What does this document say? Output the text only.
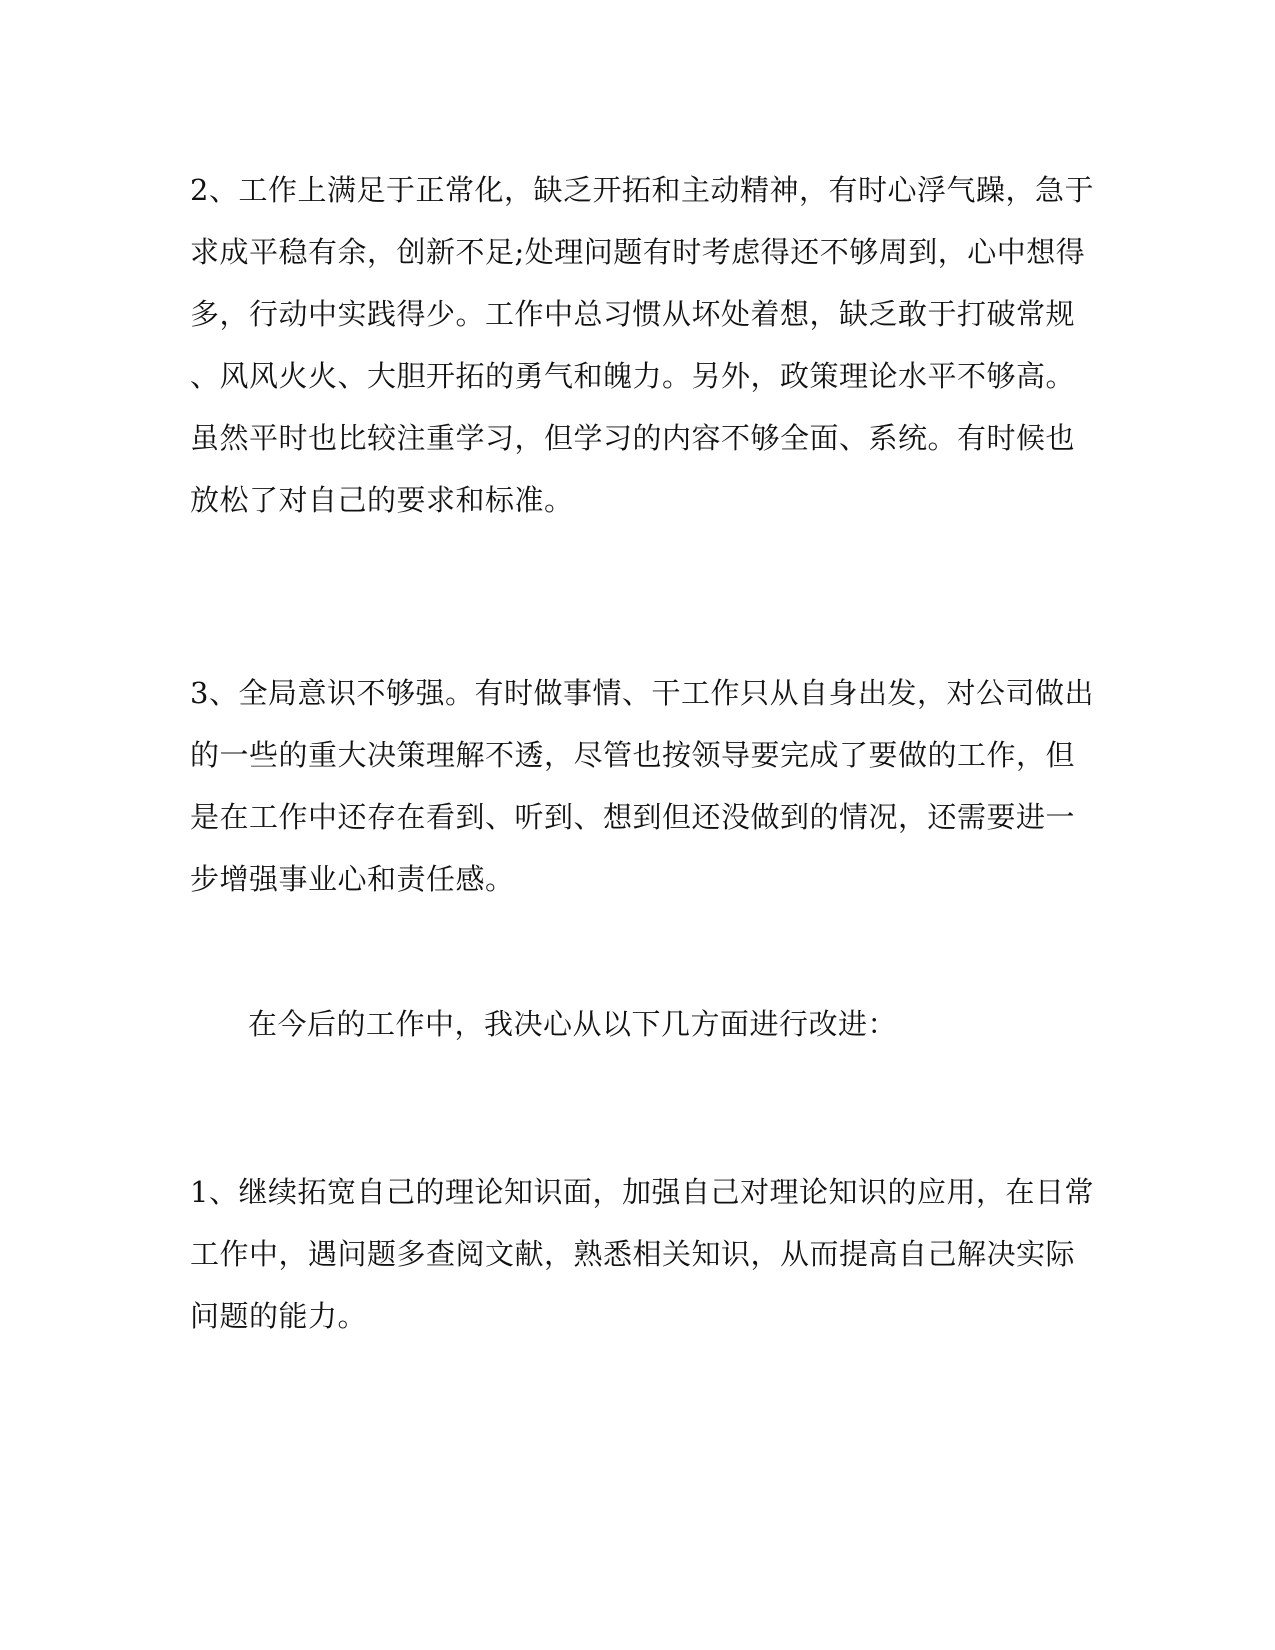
2、工作上满足于正常化，缺乏开拓和主动精神，有时心浮气躁，急于
求成平稳有余，创新不足;处理问题有时考虑得还不够周到，心中想得
多，行动中实践得少。工作中总习惯从坏处着想，缺乏敢于打破常规
、风风火火、大胆开拓的勇气和魄力。另外，政策理论水平不够高。
虽然平时也比较注重学习，但学习的内容不够全面、系统。有时候也
放松了对自己的要求和标准。
3、全局意识不够强。有时做事情、干工作只从自身出发，对公司做出
的一些的重大决策理解不透，尽管也按领导要完成了要做的工作，但
是在工作中还存在看到、听到、想到但还没做到的情况，还需要进一
步增强事业心和责任感。
在今后的工作中，我决心从以下几方面进行改进：
1、继续拓宽自己的理论知识面，加强自己对理论知识的应用，在日常
工作中，遇问题多查阅文献，熟悉相关知识，从而提高自己解决实际
问题的能力。
